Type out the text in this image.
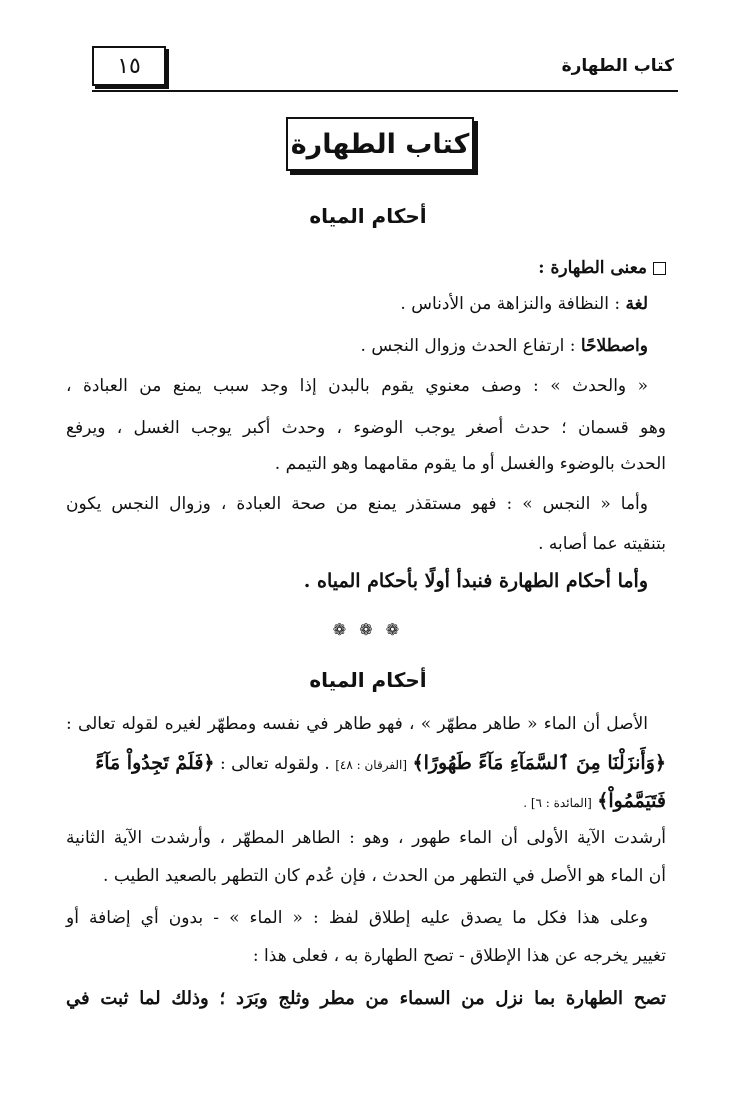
كتاب الطهارة
١٥
كتاب الطهارة
أحكام المياه
معنى الطهارة :
لغة : النظافة والنزاهة من الأدناس .
واصطلاحًا : ارتفاع الحدث وزوال النجس .
« والحدث » : وصف معنوي يقوم بالبدن إذا وجد سبب يمنع من العبادة ،
وهو قسمان ؛ حدث أصغر يوجب الوضوء ، وحدث أكبر يوجب الغسل ، ويرفع
الحدث بالوضوء والغسل أو ما يقوم مقامهما وهو التيمم .
وأما « النجس » : فهو مستقذر يمنع من صحة العبادة ، وزوال النجس يكون
بتنقيته عما أصابه .
وأما أحكام الطهارة فنبدأ أولًا بأحكام المياه .
❁ ❁ ❁
أحكام المياه
الأصل أن الماء « طاهر مطهّر » ، فهو طاهر في نفسه ومطهّر لغيره لقوله تعالى :
﴿وَأَنزَلْنَا مِنَ ٱلسَّمَآءِ مَآءً طَهُورًا﴾ [الفرقان : ٤٨] . ولقوله تعالى : ﴿فَلَمْ تَجِدُواْ مَآءً
فَتَيَمَّمُواْ﴾ [المائدة : ٦] .
أرشدت الآية الأولى أن الماء طهور ، وهو : الطاهر المطهّر ، وأرشدت الآية الثانية
أن الماء هو الأصل في التطهر من الحدث ، فإن عُدم كان التطهر بالصعيد الطيب .
وعلى هذا فكل ما يصدق عليه إطلاق لفظ : « الماء » - بدون أي إضافة أو
تغيير يخرجه عن هذا الإطلاق - تصح الطهارة به ، فعلى هذا :
تصح الطهارة بما نزل من السماء من مطر وثلج وبَرَد ؛ وذلك لما ثبت في
